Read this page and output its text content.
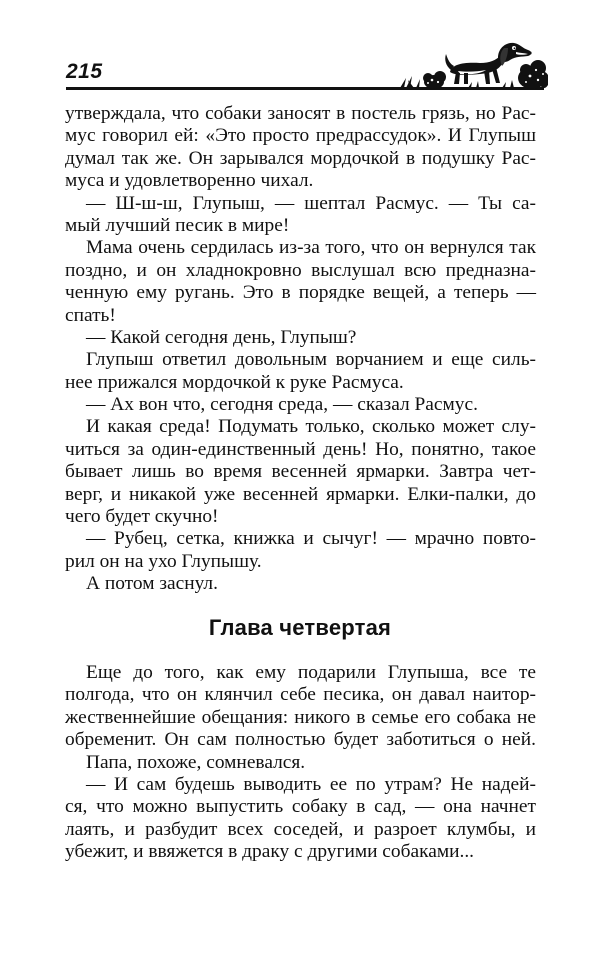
215
утверждала, что собаки заносят в постель грязь, но Рас-
мус говорил ей: «Это просто предрассудок». И Глупыш
думал так же. Он зарывался мордочкой в подушку Рас-
муса и удовлетворенно чихал.
— Ш-ш-ш, Глупыш, — шептал Расмус. — Ты са-
мый лучший песик в мире!
Мама очень сердилась из-за того, что он вернулся так
поздно, и он хладнокровно выслушал всю предназна-
ченную ему ругань. Это в порядке вещей, а теперь —
спать!
— Какой сегодня день, Глупыш?
Глупыш ответил довольным ворчанием и еще силь-
нее прижался мордочкой к руке Расмуса.
— Ах вон что, сегодня среда, — сказал Расмус.
И какая среда! Подумать только, сколько может слу-
читься за один-единственный день! Но, понятно, такое
бывает лишь во время весенней ярмарки. Завтра чет-
верг, и никакой уже весенней ярмарки. Елки-палки, до
чего будет скучно!
— Рубец, сетка, книжка и сычуг! — мрачно повто-
рил он на ухо Глупышу.
А потом заснул.
Глава четвертая
Еще до того, как ему подарили Глупыша, все те
полгода, что он клянчил себе песика, он давал наитор-
жественнейшие обещания: никого в семье его собака не
обременит. Он сам полностью будет заботиться о ней.
Папа, похоже, сомневался.
— И сам будешь выводить ее по утрам? Не надей-
ся, что можно выпустить собаку в сад, — она начнет
лаять, и разбудит всех соседей, и разроет клумбы, и
убежит, и ввяжется в драку с другими собаками...
